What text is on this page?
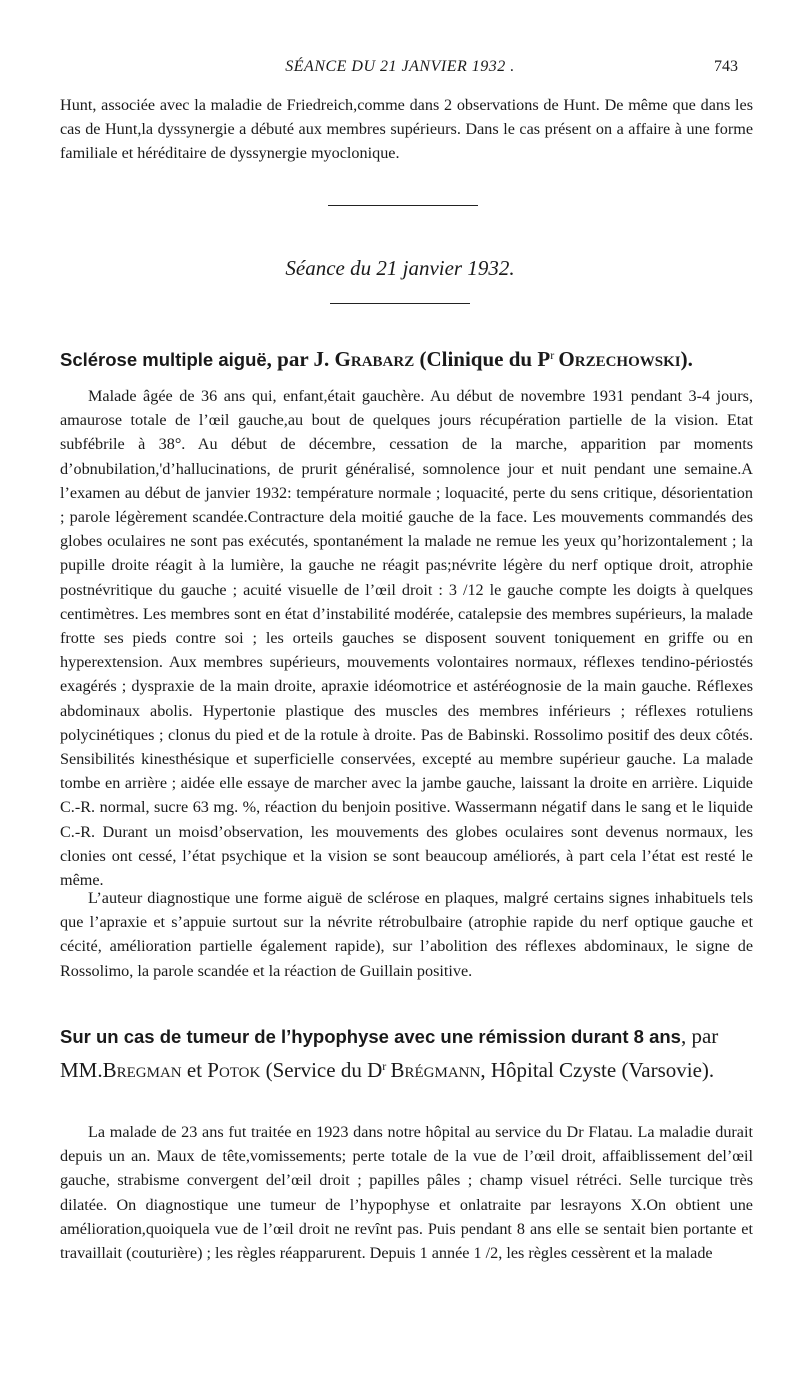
SÉANCE DU 21 JANVIER 1932 .	743

Hunt, associée avec la maladie de Friedreich,comme dans 2 observations de Hunt. De même que dans les cas de Hunt,la dyssynergie a débuté aux membres supérieurs. Dans le cas présent on a affaire à une forme familiale et héréditaire de dyssynergie myoclonique.

Séance du 21 janvier 1932.
Sclérose multiple aiguë, par J. Grabarz (Clinique du $P^r$  Orzechowski).

Malade âgée de 36 ans qui, enfant,était gauchère. Au début de novembre 1931 pendant 3-4 jours, amaurose totale de l’œil gauche,au bout de quelques jours récupération partielle de la vision. Etat subfébrile à 38°. Au début de décembre, cessation de la marche, apparition par moments d’obnubilation,'d’hallucinations, de prurit généralisé, somnolence jour et nuit pendant une semaine.A l’examen au début de janvier 1932: température normale ; loquacité, perte du sens critique, désorientation ; parole légèrement scandée.Contracture dela moitié gauche de la face. Les mouvements commandés des globes oculaires ne sont pas exécutés, spontanément la malade ne remue les yeux qu’horizontalement ; la pupille droite réagit à la lumière, la gauche ne réagit pas;névrite légère du nerf optique droit, atrophie postnévritique du gauche ; acuité visuelle de l’œil droit : 3 /12 le gauche compte les doigts à quelques centimètres. Les membres sont en état d’instabilité modérée, catalepsie des membres supérieurs, la malade frotte ses pieds contre soi ; les orteils gauches se disposent souvent toniquement en griffe ou en hyperextension. Aux membres supérieurs, mouvements volontaires normaux, réflexes tendino-périostés exagérés ; dyspraxie de la main droite, apraxie idéomotrice et astéréognosie de la main gauche. Réflexes abdominaux abolis. Hypertonie plastique des muscles des membres inférieurs ; réflexes rotuliens polycinétiques ; clonus du pied et de la rotule à droite. Pas de Babinski. Rossolimo positif des deux côtés. Sensibilités kinesthésique et superficielle conservées, excepté au membre supérieur gauche. La malade tombe en arrière ; aidée elle essaye de marcher avec la jambe gauche, laissant la droite en arrière. Liquide C.-R. normal, sucre 63 mg. %, réaction du benjoin positive. Wassermann négatif dans le sang et le liquide C.-R. Durant un moisd’observation, les mouvements des globes oculaires sont devenus normaux, les clonies ont cessé, l’état psychique et la vision se sont beaucoup améliorés, à part cela l’état est resté le même.

L’auteur diagnostique une forme aiguë de sclérose en plaques, malgré certains signes inhabituels tels que l’apraxie et s’appuie surtout sur la névrite rétrobulbaire (atrophie rapide du nerf optique gauche et cécité, amélioration partielle également rapide), sur l’abolition des réflexes abdominaux, le signe de Rossolimo, la parole scandée et la réaction de Guillain positive.

Sur un cas de tumeur de l’hypophyse avec une rémission durant 8 ans, par MM.Bregman et Potok (Service du $D^r$  Brégmann, Hôpital Czyste (Varsovie).

La malade de 23 ans fut traitée en 1923 dans notre hôpital au service du Dr Flatau. La maladie durait depuis un an. Maux de tête,vomissements; perte totale de la vue de l’œil droit, affaiblissement del’œil gauche, strabisme convergent del’œil droit ; papilles pâles ; champ visuel rétréci. Selle turcique très dilatée. On diagnostique une tumeur de l’hypophyse et onlatraite par lesrayons X.On obtient une amélioration,quoiquela vue de l’œil droit ne revînt pas. Puis pendant 8 ans elle se sentait bien portante et travaillait (couturière) ; les règles réapparurent. Depuis 1 année 1 /2, les règles cessèrent et la malade
